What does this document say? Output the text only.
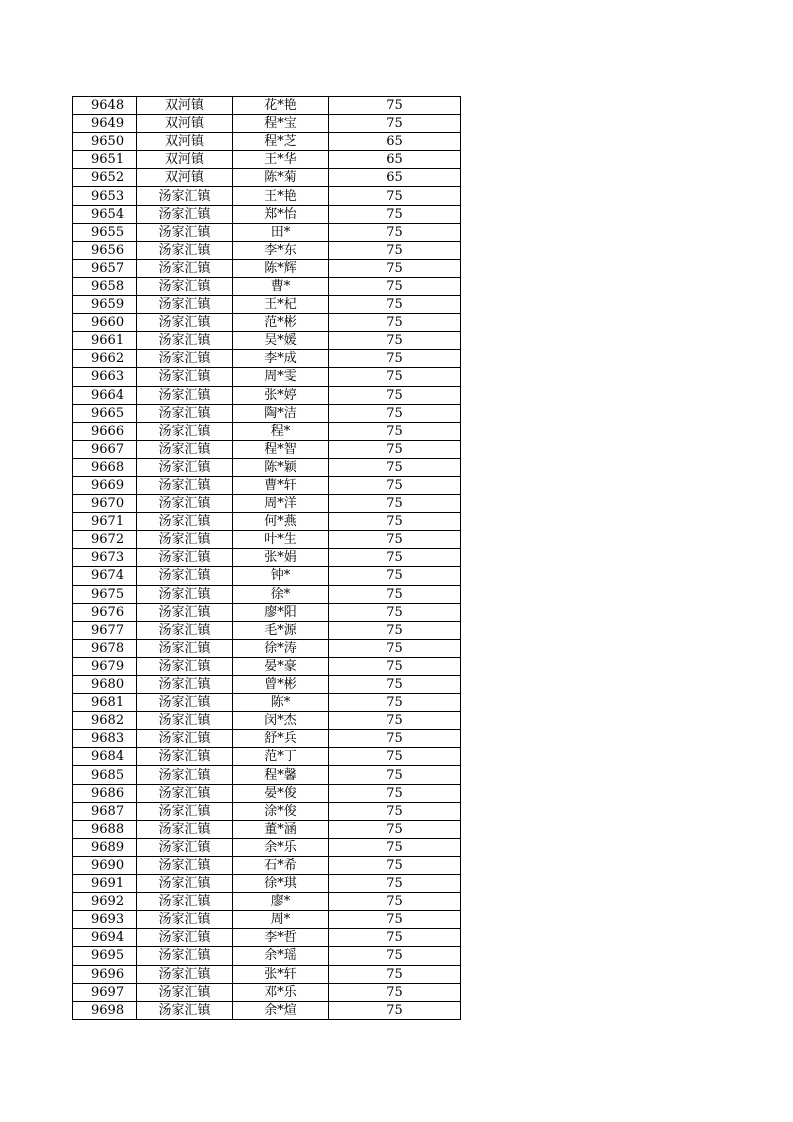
9648	双河镇	花*艳	75
9649	双河镇	程*宝	75
9650	双河镇	程*芝	65
9651	双河镇	王*华	65
9652	双河镇	陈*菊	65
9653	汤家汇镇	王*艳	75
9654	汤家汇镇	郑*怡	75
9655	汤家汇镇	田*	75
9656	汤家汇镇	李*东	75
9657	汤家汇镇	陈*辉	75
9658	汤家汇镇	曹*	75
9659	汤家汇镇	王*杞	75
9660	汤家汇镇	范*彬	75
9661	汤家汇镇	吴*媛	75
9662	汤家汇镇	李*成	75
9663	汤家汇镇	周*雯	75
9664	汤家汇镇	张*婷	75
9665	汤家汇镇	陶*洁	75
9666	汤家汇镇	程*	75
9667	汤家汇镇	程*智	75
9668	汤家汇镇	陈*颖	75
9669	汤家汇镇	曹*轩	75
9670	汤家汇镇	周*洋	75
9671	汤家汇镇	何*燕	75
9672	汤家汇镇	叶*生	75
9673	汤家汇镇	张*娟	75
9674	汤家汇镇	钟*	75
9675	汤家汇镇	徐*	75
9676	汤家汇镇	廖*阳	75
9677	汤家汇镇	毛*源	75
9678	汤家汇镇	徐*涛	75
9679	汤家汇镇	晏*豪	75
9680	汤家汇镇	曾*彬	75
9681	汤家汇镇	陈*	75
9682	汤家汇镇	闵*杰	75
9683	汤家汇镇	舒*兵	75
9684	汤家汇镇	范*丁	75
9685	汤家汇镇	程*馨	75
9686	汤家汇镇	晏*俊	75
9687	汤家汇镇	涂*俊	75
9688	汤家汇镇	董*涵	75
9689	汤家汇镇	余*乐	75
9690	汤家汇镇	石*希	75
9691	汤家汇镇	徐*琪	75
9692	汤家汇镇	廖*	75
9693	汤家汇镇	周*	75
9694	汤家汇镇	李*哲	75
9695	汤家汇镇	余*瑶	75
9696	汤家汇镇	张*轩	75
9697	汤家汇镇	邓*乐	75
9698	汤家汇镇	余*煊	75
